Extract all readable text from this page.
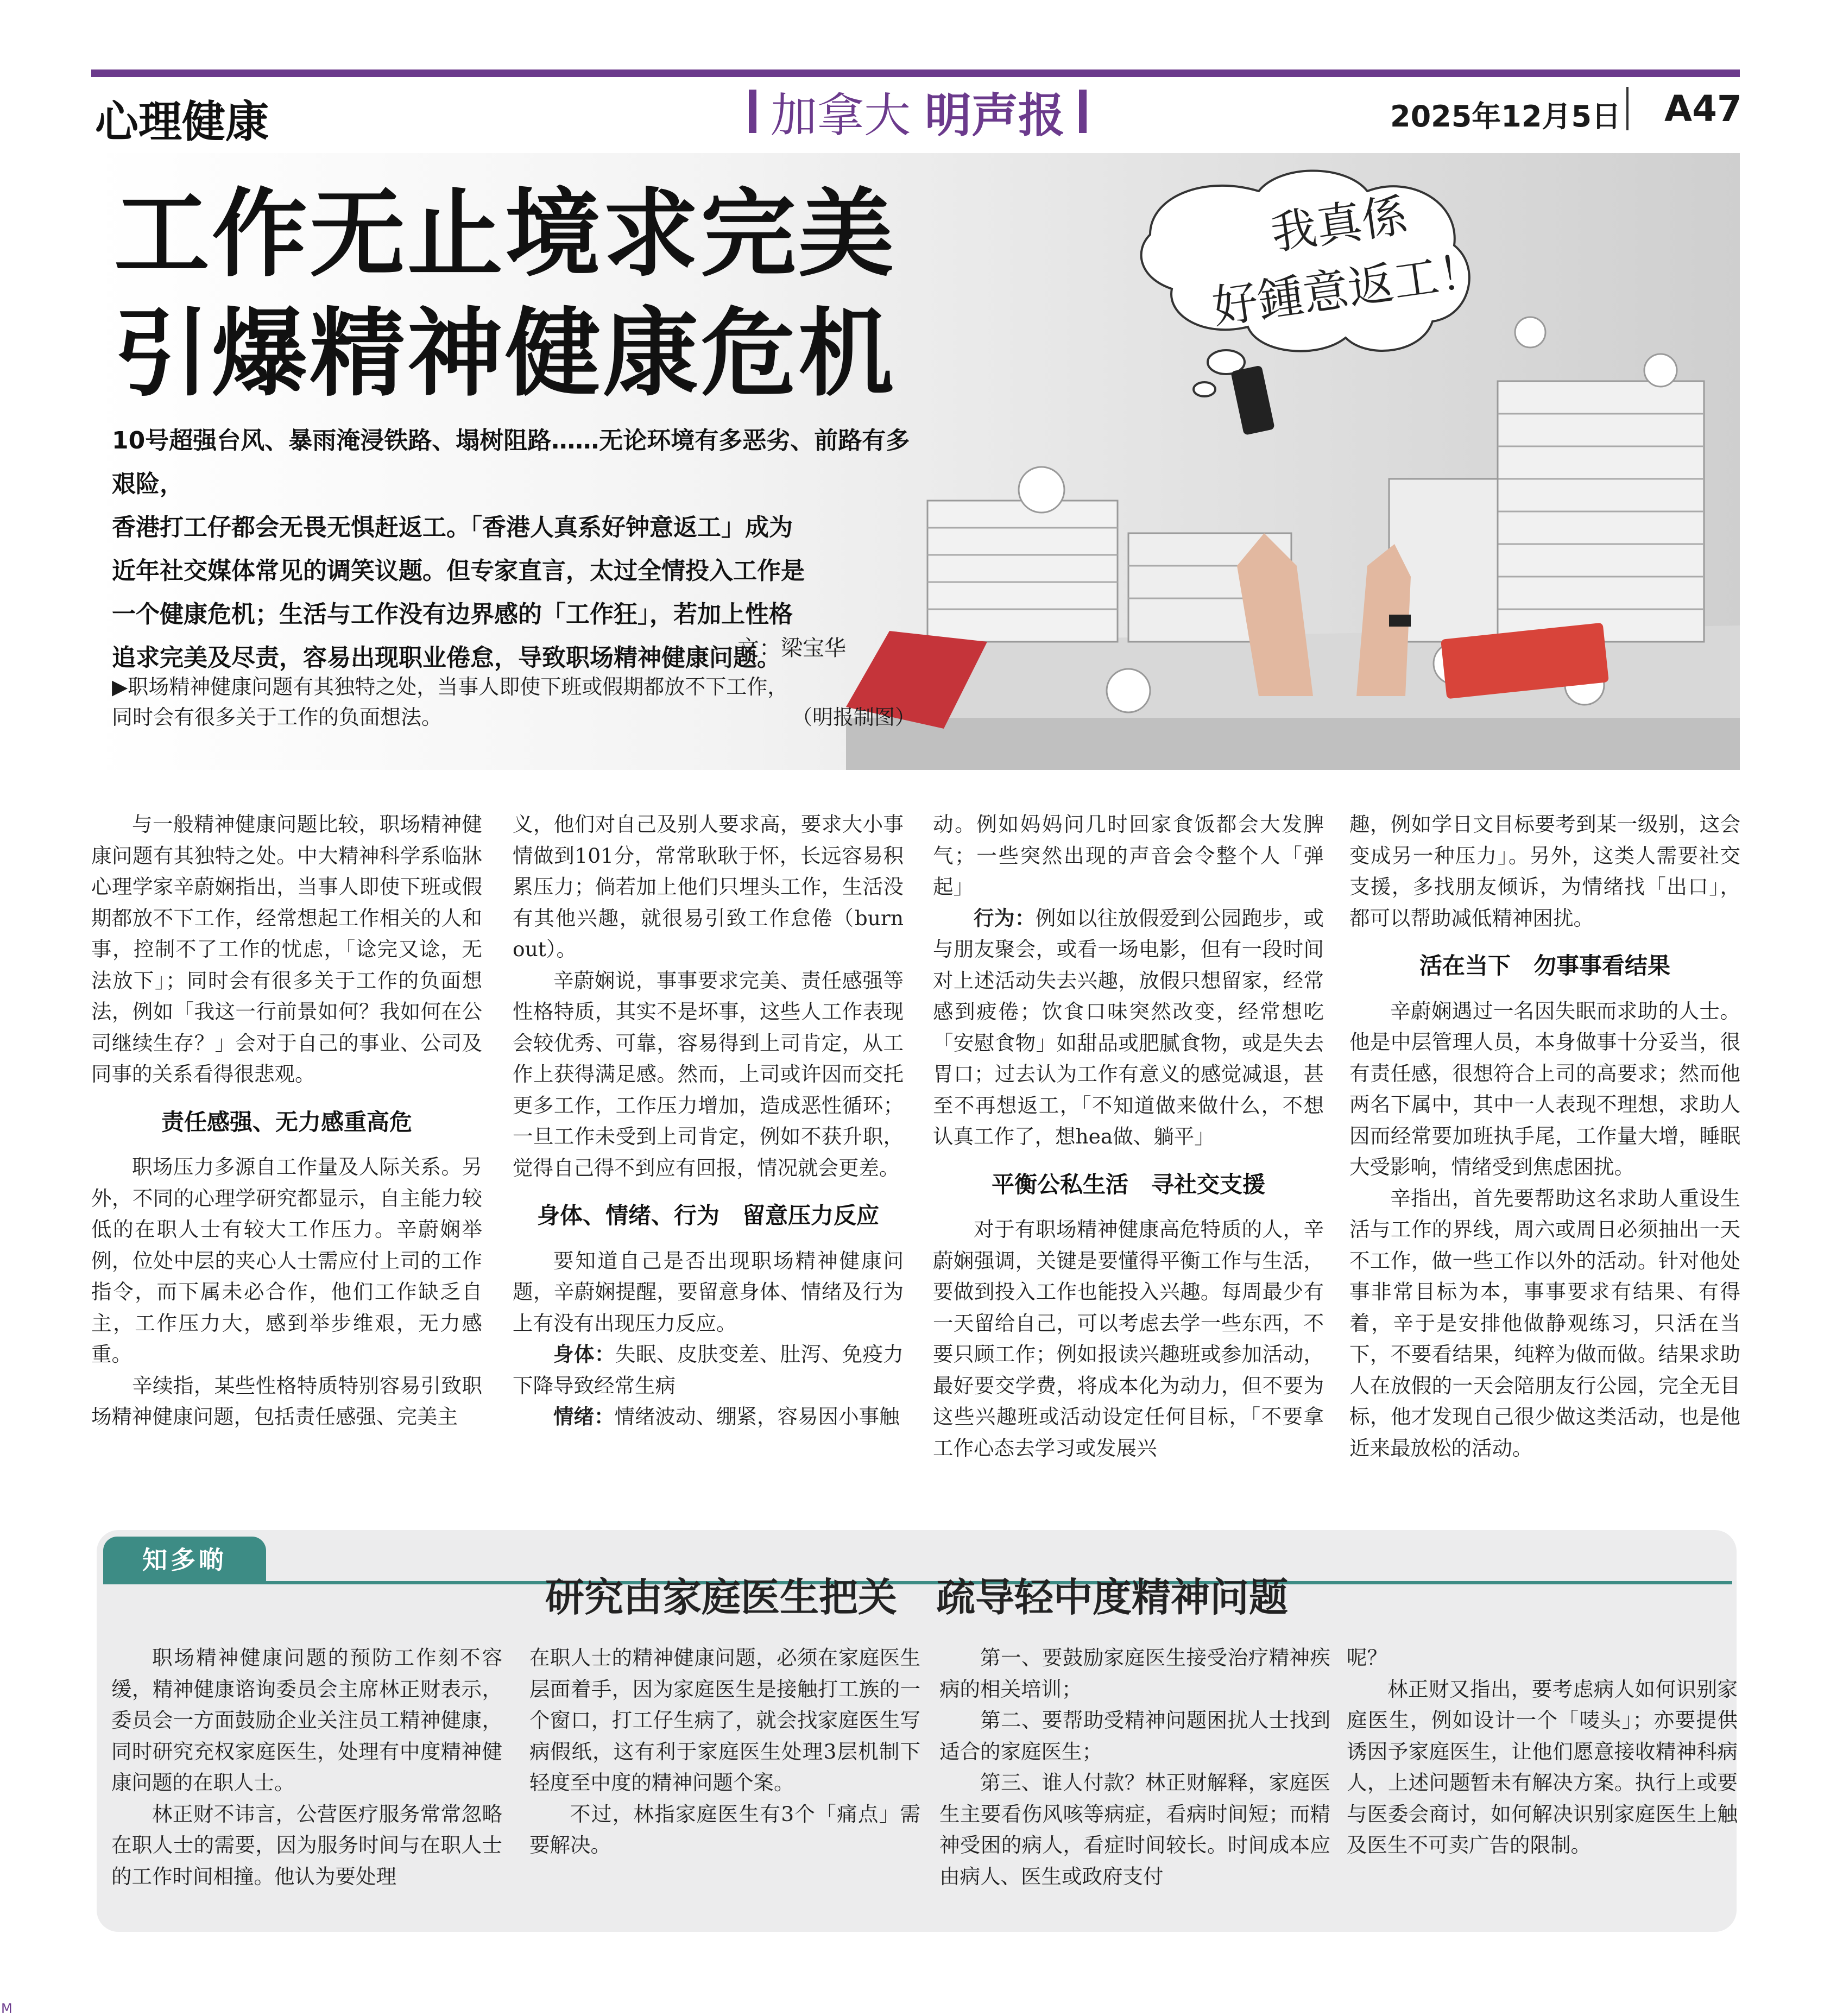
心理健康	加拿大 明声报	2025年12月5日 A47
我真係
好鍾意返工！
工作无止境求完美
引爆精神健康危机

10号超强台风、暴雨淹浸铁路、塌树阻路……无论环境有多恶劣、前路有多艰险，

香港打工仔都会无畏无惧赶返工。「香港人真系好钟意返工」成为

近年社交媒体常见的调笑议题。但专家直言，太过全情投入工作是

一个健康危机；生活与工作没有边界感的「工作狂」，若加上性格

追求完美及尽责，容易出现职业倦怠，导致职场精神健康问题。

文：梁宝华

▶职场精神健康问题有其独特之处，当事人即使下班或假期都放不下工作，

同时会有很多关于工作的负面想法。	（明报制图）

与一般精神健康问题比较，职场精神健康问题有其独特之处。中大精神科学系临牀心理学家辛蔚娴指出，当事人即使下班或假期都放不下工作，经常想起工作相关的人和事，控制不了工作的忧虑，「谂完又谂，无法放下」；同时会有很多关于工作的负面想法，例如「我这一行前景如何？我如何在公司继续生存？」会对于自己的事业、公司及同事的关系看得很悲观。

责任感强、无力感重高危

职场压力多源自工作量及人际关系。另外，不同的心理学研究都显示，自主能力较低的在职人士有较大工作压力。辛蔚娴举例，位处中层的夹心人士需应付上司的工作指令，而下属未必合作，他们工作缺乏自主，工作压力大，感到举步维艰，无力感重。

辛续指，某些性格特质特别容易引致职场精神健康问题，包括责任感强、完美主

义，他们对自己及别人要求高，要求大小事情做到101分，常常耿耿于怀，长远容易积累压力；倘若加上他们只埋头工作，生活没有其他兴趣，就很易引致工作怠倦（burn out）。

辛蔚娴说，事事要求完美、责任感强等性格特质，其实不是坏事，这些人工作表现会较优秀、可靠，容易得到上司肯定，从工作上获得满足感。然而，上司或许因而交托更多工作，工作压力增加，造成恶性循环；一旦工作未受到上司肯定，例如不获升职，觉得自己得不到应有回报，情况就会更差。

身体、情绪、行为　留意压力反应

要知道自己是否出现职场精神健康问题，辛蔚娴提醒，要留意身体、情绪及行为上有没有出现压力反应。

身体：失眠、皮肤变差、肚泻、免疫力下降导致经常生病

情绪：情绪波动、绷紧，容易因小事触

动。例如妈妈问几时回家食饭都会大发脾气；一些突然出现的声音会令整个人「弹起」

行为：例如以往放假爱到公园跑步，或与朋友聚会，或看一场电影，但有一段时间对上述活动失去兴趣，放假只想留家，经常感到疲倦；饮食口味突然改变，经常想吃「安慰食物」如甜品或肥腻食物，或是失去胃口；过去认为工作有意义的感觉减退，甚至不再想返工，「不知道做来做什么，不想认真工作了，想hea做、躺平」

平衡公私生活　寻社交支援

对于有职场精神健康高危特质的人，辛蔚娴强调，关键是要懂得平衡工作与生活，要做到投入工作也能投入兴趣。每周最少有一天留给自己，可以考虑去学一些东西，不要只顾工作；例如报读兴趣班或参加活动，最好要交学费，将成本化为动力，但不要为这些兴趣班或活动设定任何目标，「不要拿工作心态去学习或发展兴

趣，例如学日文目标要考到某一级别，这会变成另一种压力」。另外，这类人需要社交支援，多找朋友倾诉，为情绪找「出口」，都可以帮助减低精神困扰。

活在当下　勿事事看结果

辛蔚娴遇过一名因失眠而求助的人士。他是中层管理人员，本身做事十分妥当，很有责任感，很想符合上司的高要求；然而他两名下属中，其中一人表现不理想，求助人因而经常要加班执手尾，工作量大增，睡眠大受影响，情绪受到焦虑困扰。

辛指出，首先要帮助这名求助人重设生活与工作的界线，周六或周日必须抽出一天不工作，做一些工作以外的活动。针对他处事非常目标为本，事事要求有结果、有得着，辛于是安排他做静观练习，只活在当下，不要看结果，纯粹为做而做。结果求助人在放假的一天会陪朋友行公园，完全无目标，他才发现自己很少做这类活动，也是他近来最放松的活动。

知多啲
研究由家庭医生把关　疏导轻中度精神问题

职场精神健康问题的预防工作刻不容缓，精神健康谘询委员会主席林正财表示，委员会一方面鼓励企业关注员工精神健康，同时研究充权家庭医生，处理有中度精神健康问题的在职人士。

林正财不讳言，公营医疗服务常常忽略在职人士的需要，因为服务时间与在职人士的工作时间相撞。他认为要处理

在职人士的精神健康问题，必须在家庭医生层面着手，因为家庭医生是接触打工族的一个窗口，打工仔生病了，就会找家庭医生写病假纸，这有利于家庭医生处理3层机制下轻度至中度的精神问题个案。

不过，林指家庭医生有3个「痛点」需要解决。

第一、要鼓励家庭医生接受治疗精神疾病的相关培训；

第二、要帮助受精神问题困扰人士找到适合的家庭医生；

第三、谁人付款？林正财解释，家庭医生主要看伤风咳等病症，看病时间短；而精神受困的病人，看症时间较长。时间成本应由病人、医生或政府支付

呢？

林正财又指出，要考虑病人如何识别家庭医生，例如设计一个「唛头」；亦要提供诱因予家庭医生，让他们愿意接收精神科病人，上述问题暂未有解决方案。执行上或要与医委会商讨，如何解决识别家庭医生上触及医生不可卖广告的限制。

M
